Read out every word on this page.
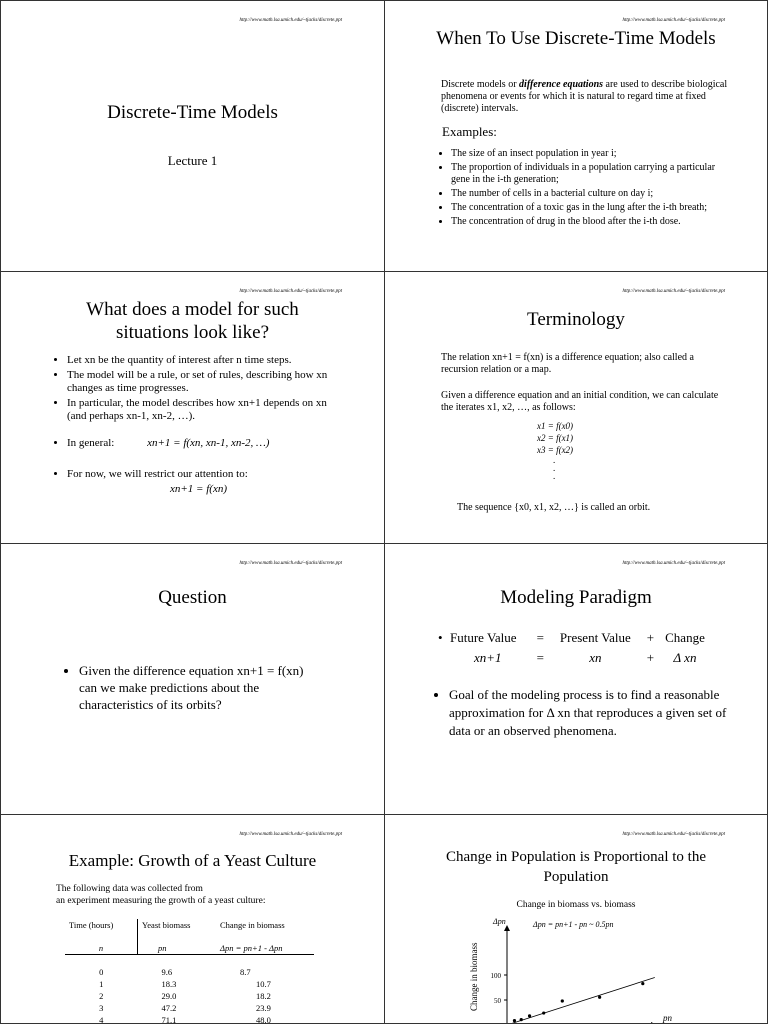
http://www.math.lsa.umich.edu/~tjacks/discrete.ppt
Discrete-Time Models
Lecture 1
http://www.math.lsa.umich.edu/~tjacks/discrete.ppt
When To Use Discrete-Time Models
Discrete models or difference equations are used to describe biological phenomena or events for which it is natural to regard time at fixed (discrete) intervals.
Examples:
• The size of an insect population in year i;
• The proportion of individuals in a population carrying a particular gene in the i-th generation;
• The number of cells in a bacterial culture on day i;
• The concentration of a toxic gas in the lung after the i-th breath;
• The concentration of drug in the blood after the i-th dose.
http://www.math.lsa.umich.edu/~tjacks/discrete.ppt
What does a model for such situations look like?
• Let xn be the quantity of interest after n time steps.
• The model will be a rule, or set of rules, describing how xn changes as time progresses.
• In particular, the model describes how xn+1 depends on xn (and perhaps xn-1, xn-2, …).
• In general:	xn+1 = f(xn, xn-1, xn-2, …)
• For now, we will restrict our attention to:
xn+1 = f(xn)
http://www.math.lsa.umich.edu/~tjacks/discrete.ppt
Terminology
The relation xn+1 = f(xn) is a difference equation; also called a recursion relation or a map.
Given a difference equation and an initial condition, we can calculate the iterates x1, x2, …, as follows:
x1 = f(x0)
x2 = f(x1)
x3 = f(x2)
.
.
.
The sequence {x0, x1, x2, …} is called an orbit.
http://www.math.lsa.umich.edu/~tjacks/discrete.ppt
Question
• Given the difference equation xn+1 = f(xn) can we make predictions about the characteristics of its orbits?
http://www.math.lsa.umich.edu/~tjacks/discrete.ppt
Modeling Paradigm
•	Future Value	=	Present Value	+	Change
	xn+1	=	xn	+	Δ xn
• Goal of the modeling process is to find a reasonable approximation for Δ xn that reproduces a given set of data or an observed phenomena.
http://www.math.lsa.umich.edu/~tjacks/discrete.ppt
Example: Growth of a Yeast Culture
The following data was collected from
an experiment measuring the growth of a yeast culture:
Time (hours)	Yeast biomass	Change in biomass

n	pn	Δpn = pn+1 - Δpn

0	9.6	8.7
1	18.3	10.7
2	29.0	18.2
3	47.2	23.9
4	71.1	48.0
http://www.math.lsa.umich.edu/~tjacks/discrete.ppt
Change in Population is Proportional to the Population
Change in biomass vs. biomass
Δpn	Δpn = pn+1 - pn ~ 0.5pn
Change in biomass
pn
50
100
